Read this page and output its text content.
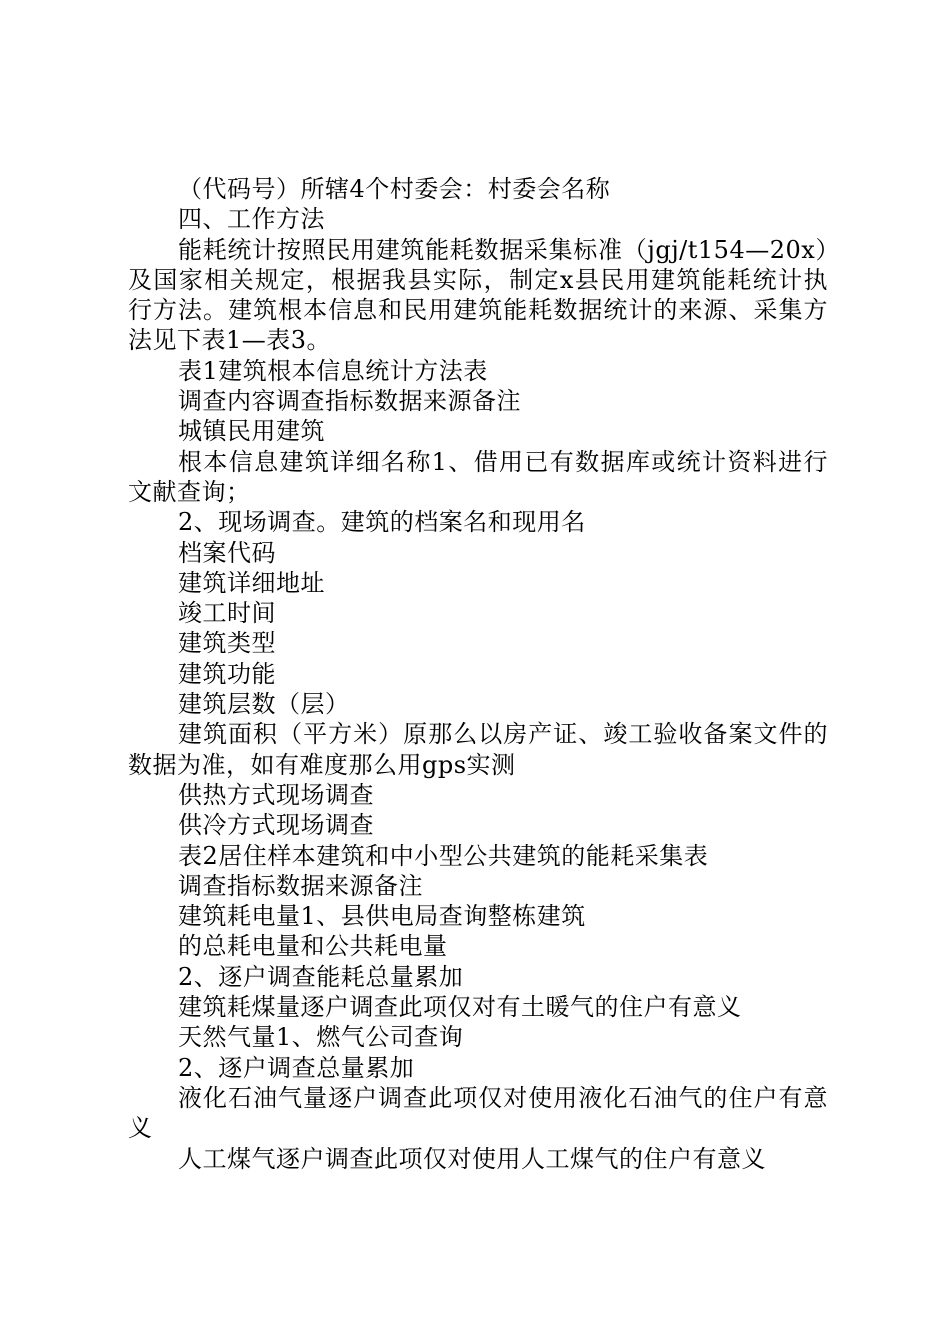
（代码号）所辖4个村委会：村委会名称

四、工作方法

能耗统计按照民用建筑能耗数据采集标准（jgj/t154—20x）及国家相关规定，根据我县实际，制定x县民用建筑能耗统计执行方法。建筑根本信息和民用建筑能耗数据统计的来源、采集方法见下表1—表3。

表1建筑根本信息统计方法表

调查内容调查指标数据来源备注

城镇民用建筑

根本信息建筑详细名称1、借用已有数据库或统计资料进行文献查询；

2、现场调查。建筑的档案名和现用名

档案代码

建筑详细地址

竣工时间

建筑类型

建筑功能

建筑层数（层）

建筑面积（平方米）原那么以房产证、竣工验收备案文件的数据为准，如有难度那么用gps实测

供热方式现场调查

供冷方式现场调查

表2居住样本建筑和中小型公共建筑的能耗采集表

调查指标数据来源备注

建筑耗电量1、县供电局查询整栋建筑

的总耗电量和公共耗电量

2、逐户调查能耗总量累加

建筑耗煤量逐户调查此项仅对有土暖气的住户有意义

天然气量1、燃气公司查询

2、逐户调查总量累加

液化石油气量逐户调查此项仅对使用液化石油气的住户有意义

人工煤气逐户调查此项仅对使用人工煤气的住户有意义
